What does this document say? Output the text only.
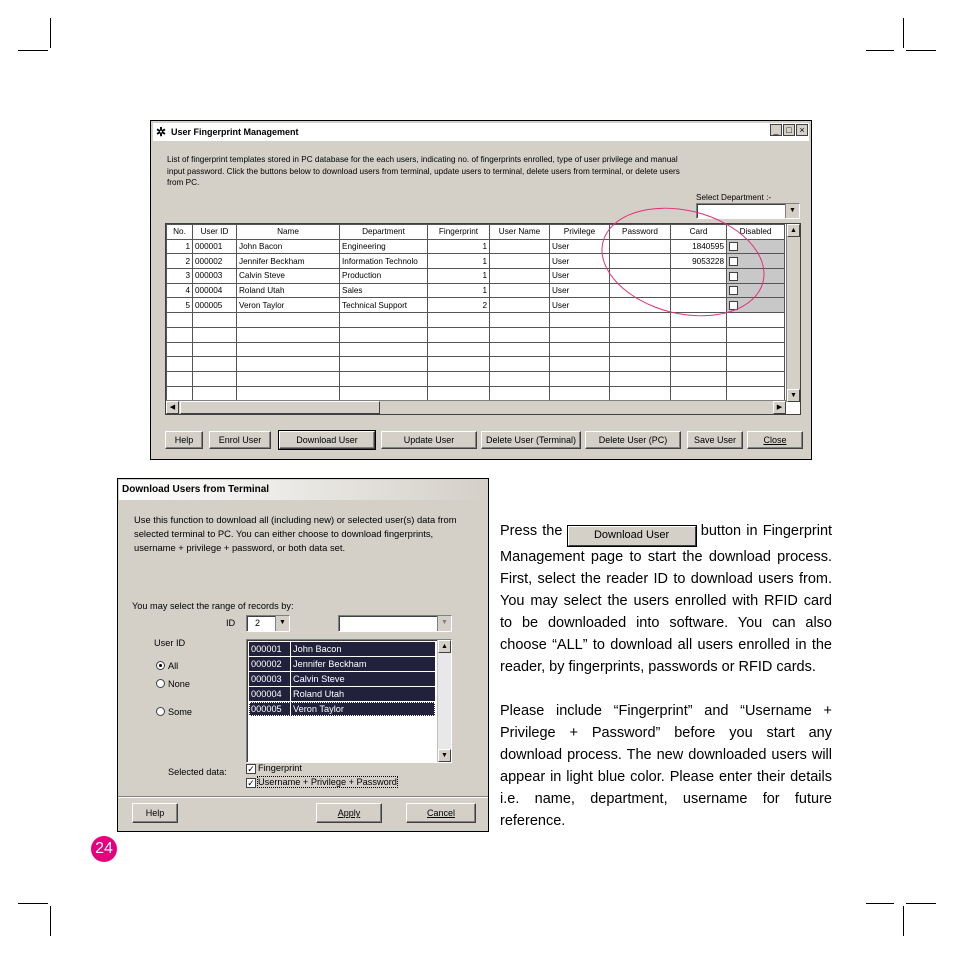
✲ User Fingerprint Management	_ □ ×
List of fingerprint templates stored in PC database for the each users, indicating no. of fingerprints enrolled, type of user privilege and manual input password. Click the buttons below to download users from terminal, update users to terminal, delete users from terminal, or delete users from PC.
Select Department :-
▼
No.	User ID	Name	Department	Fingerprint	User Name	Privilege	Password	Card	Disabled
1	000001	John Bacon	Engineering	1		User		1840595	
2	000002	Jennifer Beckham	Information Technolo	1		User		9053228	
3	000003	Calvin Steve	Production	1		User			
4	000004	Roland Utah	Sales	1		User			
5	000005	Veron Taylor	Technical Support	2		User			

▲
▼
◀	▶
Help	Enrol User	Download User	Update User	Delete User (Terminal)	Delete User (PC)	Save User	Close
Download Users from Terminal
Use this function to download all (including new) or selected user(s) data from selected terminal to PC. You can either choose to download fingerprints, username + privilege + password, or both data set.
You may select the range of records by:
ID	2	▼	▼
User ID
All
None
Some
000001	John Bacon
000002	Jennifer Beckham
000003	Calvin Steve
000004	Roland Utah
000005	Veron Taylor
▲
▼
Selected data: ✓ Fingerprint
✓ Username + Privilege + Password
Help	Apply	Cancel
Press the	Download User button in Fingerprint Management page to start the download process. First, select the reader ID to download users from. You may select the users enrolled with RFID card to be downloaded into software. You can also choose “ALL” to download all users enrolled in the reader, by fingerprints, passwords or RFID cards.
Please include “Fingerprint” and “Username + Privilege + Password” before you start any download process. The new downloaded users will appear in light blue color. Please enter their details i.e. name, department, username for future reference.
24
